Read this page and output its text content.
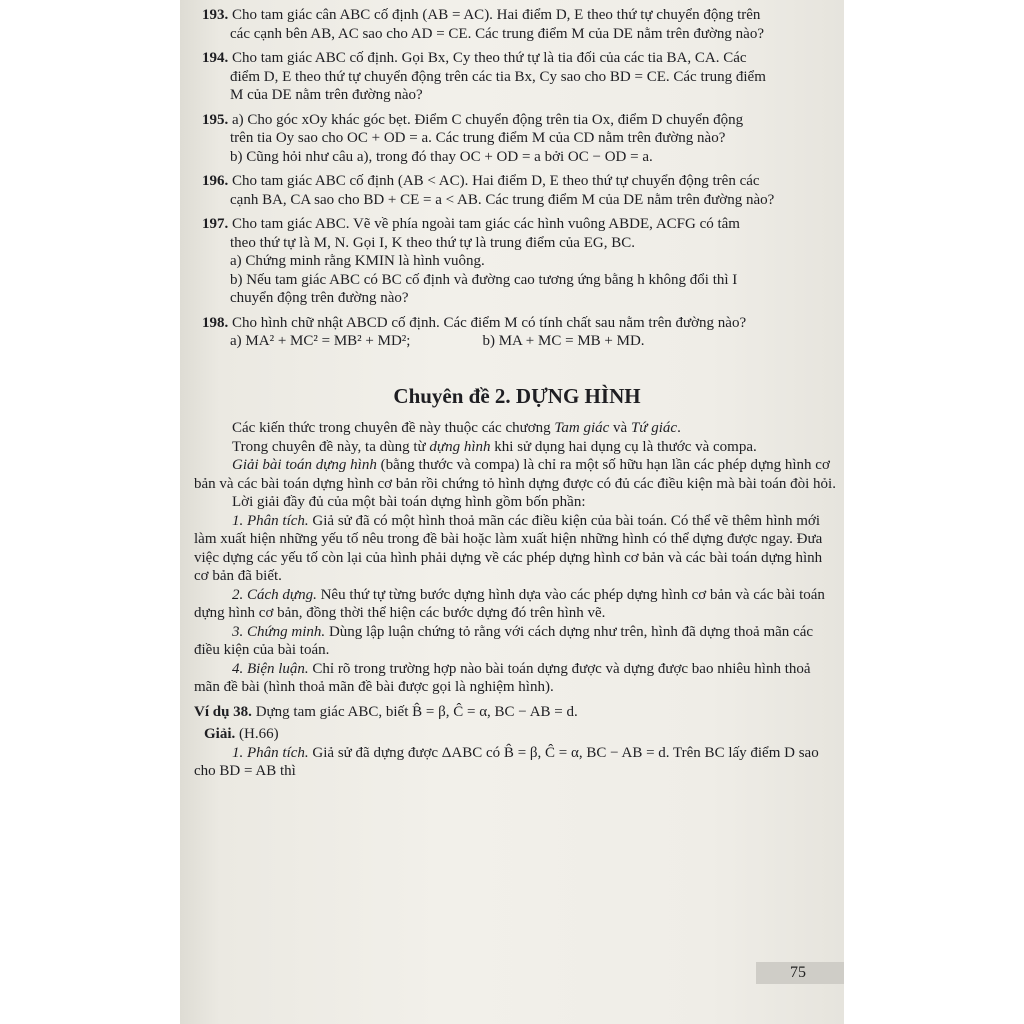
193. Cho tam giác cân ABC cố định (AB = AC). Hai điểm D, E theo thứ tự chuyển động trên
các cạnh bên AB, AC sao cho AD = CE. Các trung điểm M của DE nằm trên đường nào?
194. Cho tam giác ABC cố định. Gọi Bx, Cy theo thứ tự là tia đối của các tia BA, CA. Các
điểm D, E theo thứ tự chuyển động trên các tia Bx, Cy sao cho BD = CE. Các trung điểm
M của DE nằm trên đường nào?
195. a) Cho góc xOy khác góc bẹt. Điểm C chuyển động trên tia Ox, điểm D chuyển động
trên tia Oy sao cho OC + OD = a. Các trung điểm M của CD nằm trên đường nào?
b) Cũng hỏi như câu a), trong đó thay OC + OD = a bởi OC − OD = a.
196. Cho tam giác ABC cố định (AB < AC). Hai điểm D, E theo thứ tự chuyển động trên các
cạnh BA, CA sao cho BD + CE = a < AB. Các trung điểm M của DE nằm trên đường nào?
197. Cho tam giác ABC. Vẽ về phía ngoài tam giác các hình vuông ABDE, ACFG có tâm
theo thứ tự là M, N. Gọi I, K theo thứ tự là trung điểm của EG, BC.
a) Chứng minh rằng KMIN là hình vuông.
b) Nếu tam giác ABC có BC cố định và đường cao tương ứng bằng h không đổi thì I
chuyển động trên đường nào?
198. Cho hình chữ nhật ABCD cố định. Các điểm M có tính chất sau nằm trên đường nào?
a) MA² + MC² = MB² + MD²;	b) MA + MC = MB + MD.
Chuyên đề 2. DỰNG HÌNH

Các kiến thức trong chuyên đề này thuộc các chương Tam giác và Tứ giác.

Trong chuyên đề này, ta dùng từ dựng hình khi sử dụng hai dụng cụ là thước và compa.

Giải bài toán dựng hình (bằng thước và compa) là chỉ ra một số hữu hạn lần các phép dựng hình cơ bản và các bài toán dựng hình cơ bản rồi chứng tỏ hình dựng được có đủ các điều kiện mà bài toán đòi hỏi.

Lời giải đầy đủ của một bài toán dựng hình gồm bốn phần:

1. Phân tích. Giả sử đã có một hình thoả mãn các điều kiện của bài toán. Có thể vẽ thêm hình mới làm xuất hiện những yếu tố nêu trong đề bài hoặc làm xuất hiện những hình có thể dựng được ngay. Đưa việc dựng các yếu tố còn lại của hình phải dựng về các phép dựng hình cơ bản và các bài toán dựng hình cơ bản đã biết.

2. Cách dựng. Nêu thứ tự từng bước dựng hình dựa vào các phép dựng hình cơ bản và các bài toán dựng hình cơ bản, đồng thời thể hiện các bước dựng đó trên hình vẽ.

3. Chứng minh. Dùng lập luận chứng tỏ rằng với cách dựng như trên, hình đã dựng thoả mãn các điều kiện của bài toán.

4. Biện luận. Chỉ rõ trong trường hợp nào bài toán dựng được và dựng được bao nhiêu hình thoả mãn đề bài (hình thoả mãn đề bài được gọi là nghiệm hình).

Ví dụ 38. Dựng tam giác ABC, biết B̂ = β, Ĉ = α, BC − AB = d.

Giải. (H.66)

1. Phân tích. Giả sử đã dựng được ΔABC có B̂ = β, Ĉ = α, BC − AB = d. Trên BC lấy điểm D sao cho BD = AB thì

75
